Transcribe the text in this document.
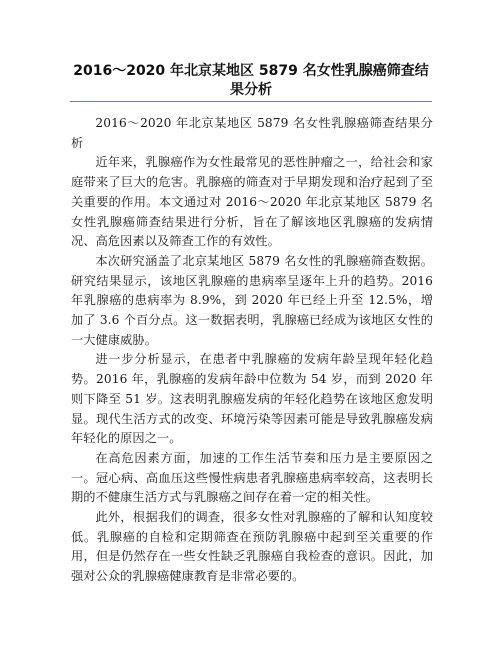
2016～2020 年北京某地区 5879 名女性乳腺癌筛查结果分析

2016～2020 年北京某地区 5879 名女性乳腺癌筛查结果分析

近年来，乳腺癌作为女性最常见的恶性肿瘤之一，给社会和家庭带来了巨大的危害。乳腺癌的筛查对于早期发现和治疗起到了至关重要的作用。本文通过对 2016～2020 年北京某地区 5879 名女性乳腺癌筛查结果进行分析，旨在了解该地区乳腺癌的发病情况、高危因素以及筛查工作的有效性。

本次研究涵盖了北京某地区 5879 名女性的乳腺癌筛查数据。研究结果显示，该地区乳腺癌的患病率呈逐年上升的趋势。2016 年乳腺癌的患病率为 8.9%，到 2020 年已经上升至 12.5%，增加了 3.6 个百分点。这一数据表明，乳腺癌已经成为该地区女性的一大健康威胁。

进一步分析显示，在患者中乳腺癌的发病年龄呈现年轻化趋势。2016 年，乳腺癌的发病年龄中位数为 54 岁，而到 2020 年则下降至 51 岁。这表明乳腺癌发病的年轻化趋势在该地区愈发明显。现代生活方式的改变、环境污染等因素可能是导致乳腺癌发病年轻化的原因之一。

在高危因素方面，加速的工作生活节奏和压力是主要原因之一。冠心病、高血压这些慢性病患者乳腺癌患病率较高，这表明长期的不健康生活方式与乳腺癌之间存在着一定的相关性。

此外，根据我们的调查，很多女性对乳腺癌的了解和认知度较低。乳腺癌的自检和定期筛查在预防乳腺癌中起到至关重要的作用，但是仍然存在一些女性缺乏乳腺癌自我检查的意识。因此，加强对公众的乳腺癌健康教育是非常必要的。
